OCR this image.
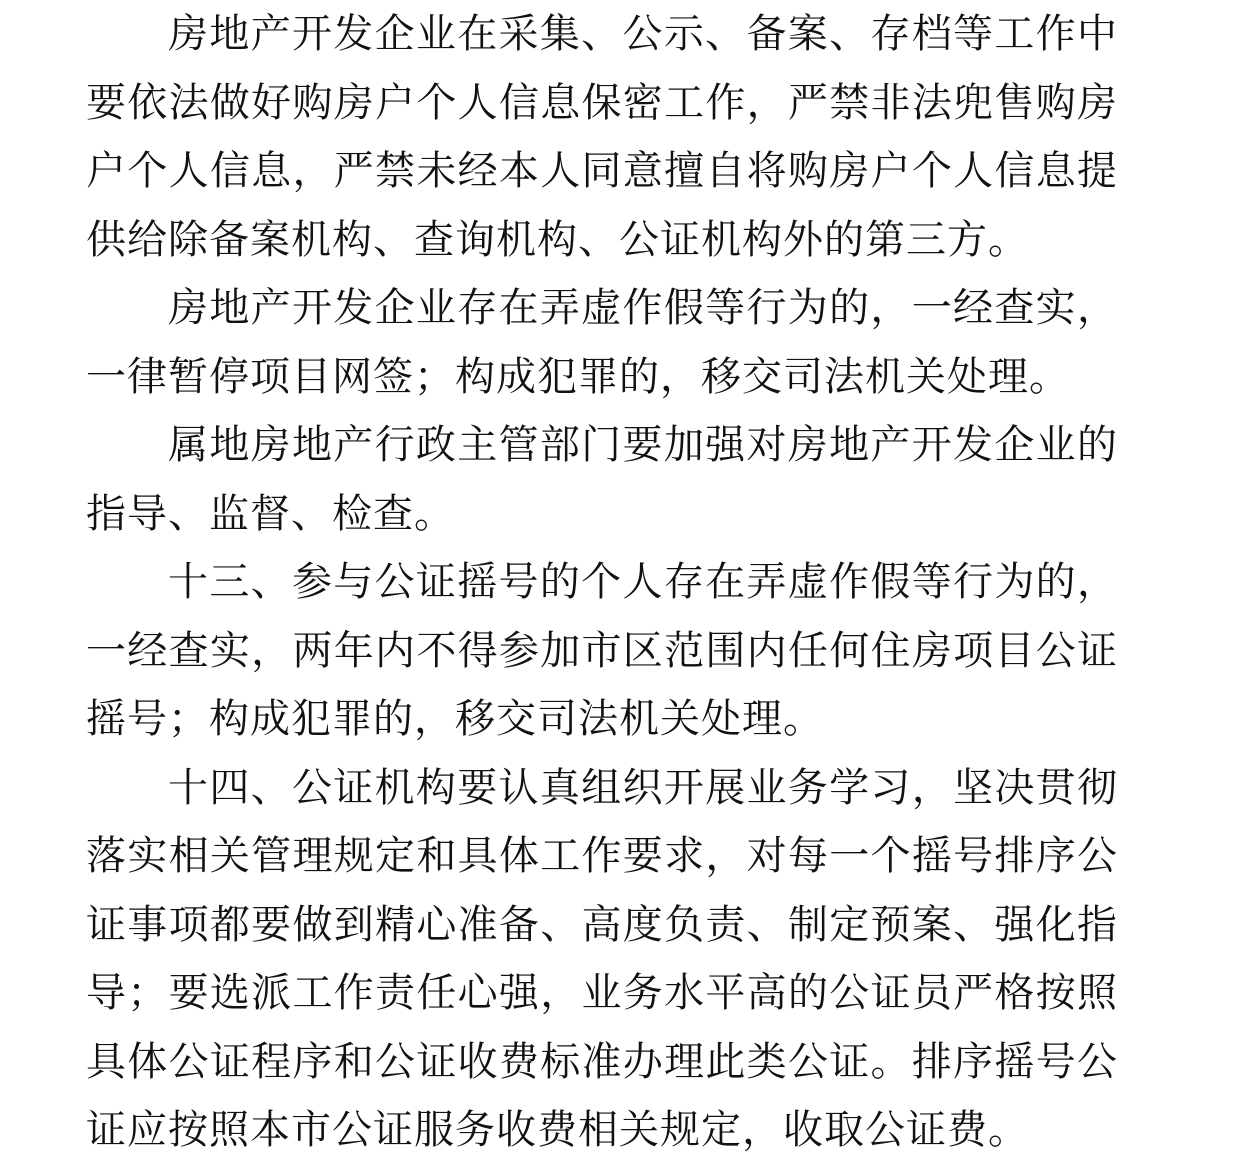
房地产开发企业在采集、公示、备案、存档等工作中要依法做好购房户个人信息保密工作，严禁非法兜售购房户个人信息，严禁未经本人同意擅自将购房户个人信息提供给除备案机构、查询机构、公证机构外的第三方。

房地产开发企业存在弄虚作假等行为的，一经查实，一律暂停项目网签；构成犯罪的，移交司法机关处理。

属地房地产行政主管部门要加强对房地产开发企业的指导、监督、检查。

十三、参与公证摇号的个人存在弄虚作假等行为的，一经查实，两年内不得参加市区范围内任何住房项目公证摇号；构成犯罪的，移交司法机关处理。

十四、公证机构要认真组织开展业务学习，坚决贯彻落实相关管理规定和具体工作要求，对每一个摇号排序公证事项都要做到精心准备、高度负责、制定预案、强化指导；要选派工作责任心强，业务水平高的公证员严格按照具体公证程序和公证收费标准办理此类公证。排序摇号公证应按照本市公证服务收费相关规定，收取公证费。
